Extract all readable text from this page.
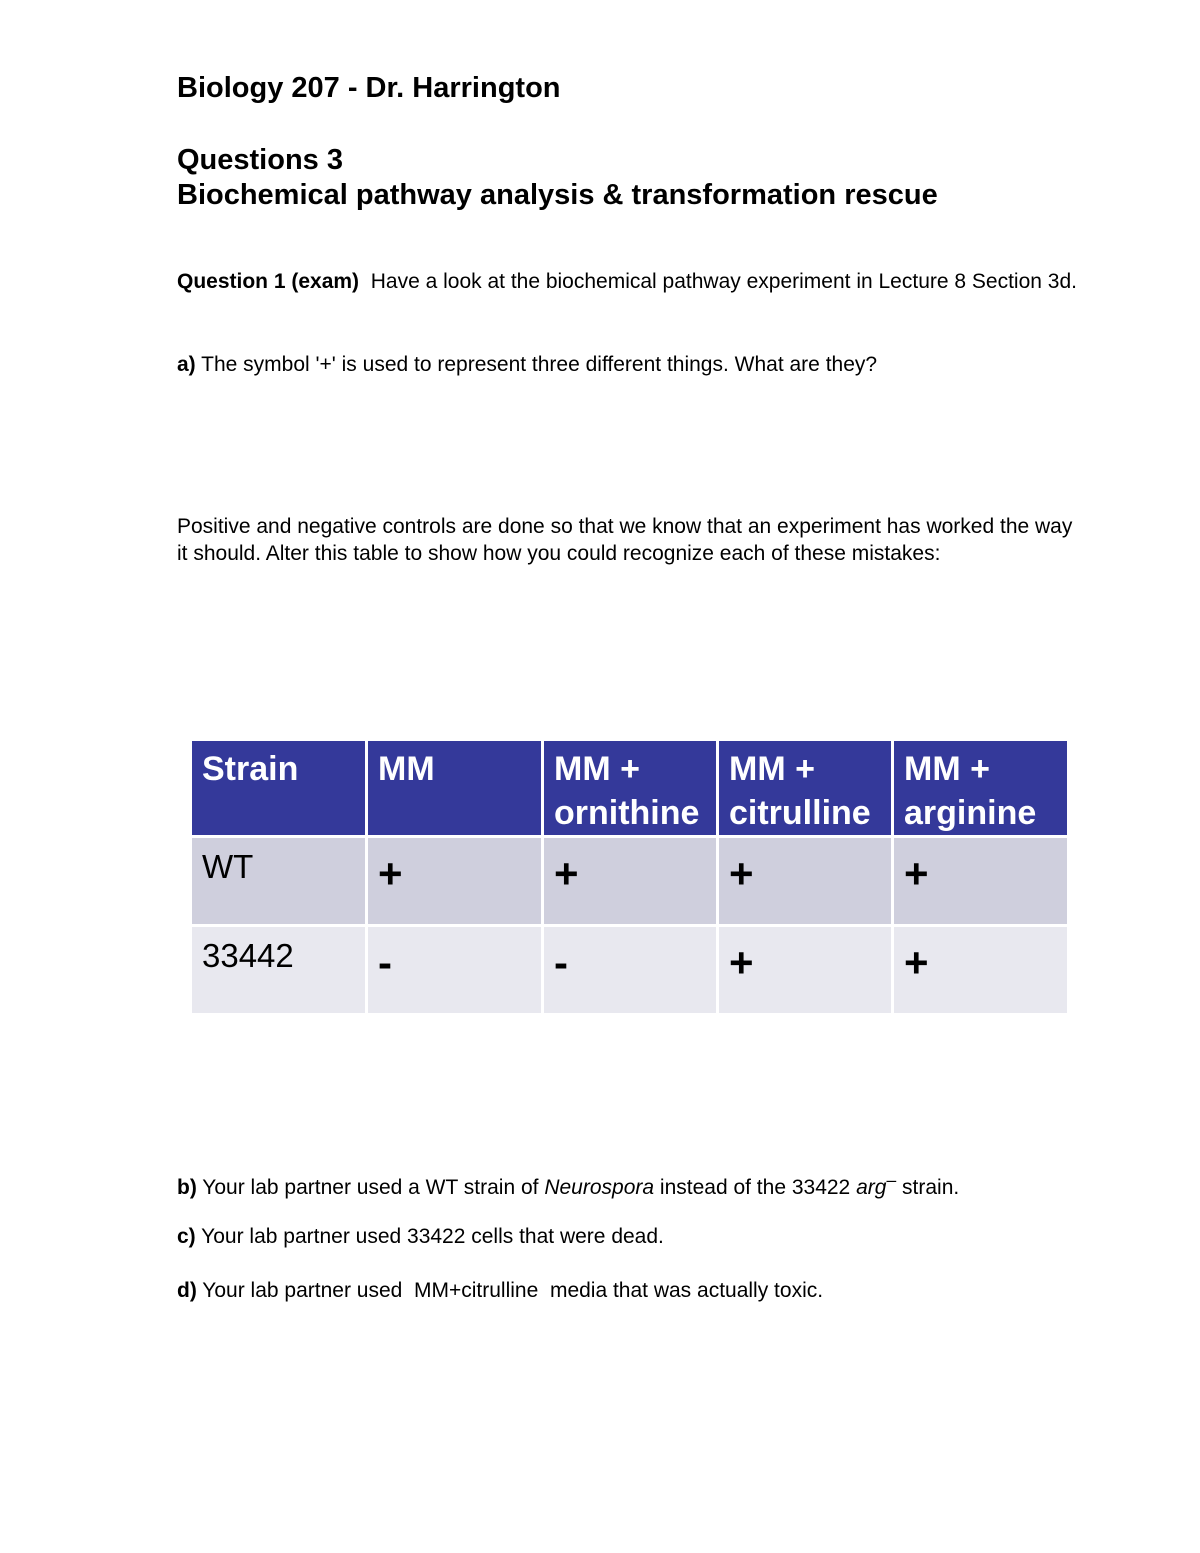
Biology 207 - Dr. Harrington
Questions 3
Biochemical pathway analysis & transformation rescue
Question 1 (exam) Have a look at the biochemical pathway experiment in Lecture 8 Section 3d.
a) The symbol '+' is used to represent three different things. What are they?
Positive and negative controls are done so that we know that an experiment has worked the way it should. Alter this table to show how you could recognize each of these mistakes:
Strain	MM	MM + ornithine	MM + citrulline	MM + arginine
WT	+	+	+	+
33442	-	-	+	+
b) Your lab partner used a WT strain of Neurospora instead of the 33422 arg– strain.
c) Your lab partner used 33422 cells that were dead.
d) Your lab partner used  MM+citrulline  media that was actually toxic.
